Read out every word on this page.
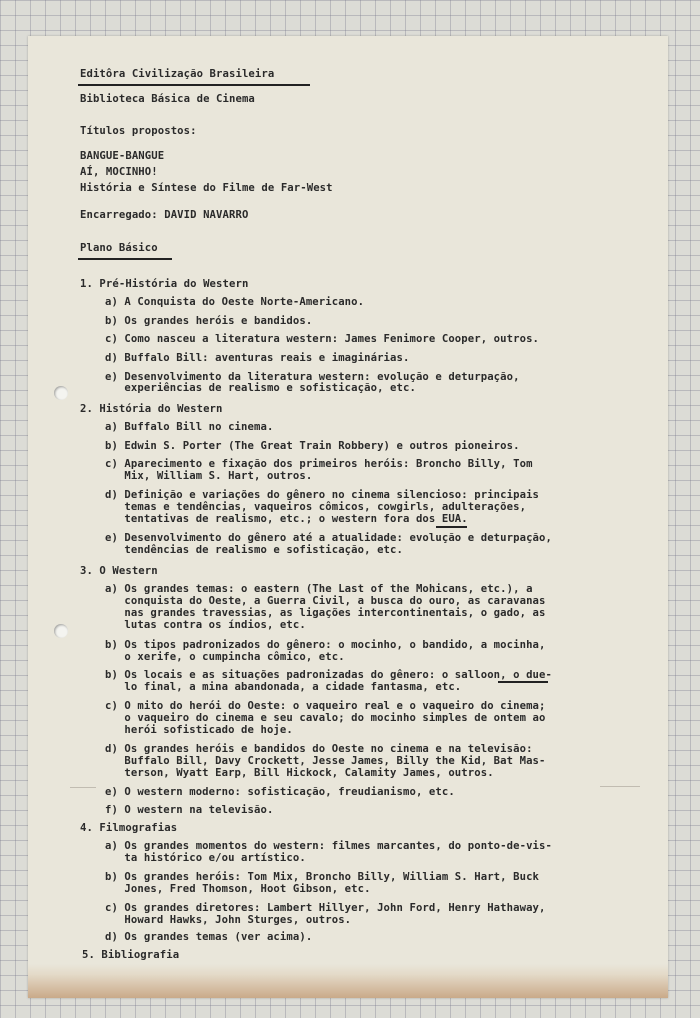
Editôra Civilização Brasileira
Biblioteca Básica de Cinema
Títulos propostos:
BANGUE-BANGUE
AÍ, MOCINHO!
História e Síntese do Filme de Far-West
Encarregado: DAVID NAVARRO
Plano Básico
1. Pré-História do Western
a) A Conquista do Oeste Norte-Americano.
b) Os grandes heróis e bandidos.
c) Como nasceu a literatura western: James Fenimore Cooper, outros.
d) Buffalo Bill: aventuras reais e imaginárias.
e) Desenvolvimento da literatura western: evolução e deturpação,
experiências de realismo e sofisticação, etc.
2. História do Western
a) Buffalo Bill no cinema.
b) Edwin S. Porter (The Great Train Robbery) e outros pioneiros.
c) Aparecimento e fixação dos primeiros heróis: Broncho Billy, Tom
Mix, William S. Hart, outros.
d) Definição e variações do gênero no cinema silencioso: principais
temas e tendências, vaqueiros cômicos, cowgirls, adulterações,
tentativas de realismo, etc.; o western fora dos EUA.
e) Desenvolvimento do gênero até a atualidade: evolução e deturpação,
tendências de realismo e sofisticação, etc.
3. O Western
a) Os grandes temas: o eastern (The Last of the Mohicans, etc.), a
conquista do Oeste, a Guerra Civil, a busca do ouro, as caravanas
nas grandes travessias, as ligações intercontinentais, o gado, as
lutas contra os índios, etc.
b) Os tipos padronizados do gênero: o mocinho, o bandido, a mocinha,
o xerife, o cumpincha cômico, etc.
b) Os locais e as situações padronizadas do gênero: o salloon, o due-
lo final, a mina abandonada, a cidade fantasma, etc.
c) O mito do herói do Oeste: o vaqueiro real e o vaqueiro do cinema;
o vaqueiro do cinema e seu cavalo; do mocinho simples de ontem ao
herói sofisticado de hoje.
d) Os grandes heróis e bandidos do Oeste no cinema e na televisão:
Buffalo Bill, Davy Crockett, Jesse James, Billy the Kid, Bat Mas-
terson, Wyatt Earp, Bill Hickock, Calamity James, outros.
e) O western moderno: sofisticação, freudianismo, etc.
f) O western na televisão.
4. Filmografias
a) Os grandes momentos do western: filmes marcantes, do ponto-de-vis-
ta histórico e/ou artístico.
b) Os grandes heróis: Tom Mix, Broncho Billy, William S. Hart, Buck
Jones, Fred Thomson, Hoot Gibson, etc.
c) Os grandes diretores: Lambert Hillyer, John Ford, Henry Hathaway,
Howard Hawks, John Sturges, outros.
d) Os grandes temas (ver acima).
5. Bibliografia
